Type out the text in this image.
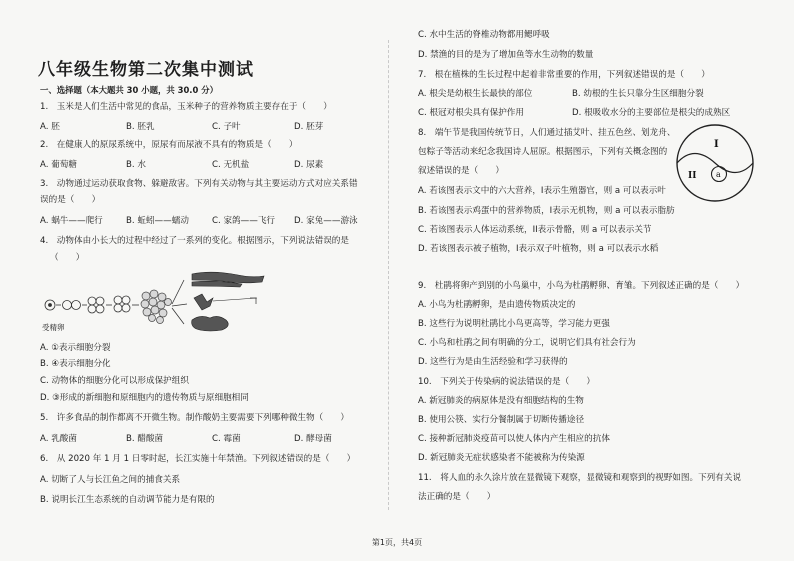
八年级生物第二次集中测试
一、选择题（本大题共 30 小题，共 30.0 分）
1.　玉米是人们生活中常见的食品，玉米种子的营养物质主要存在于（　　）
A. 胚	B. 胚乳	C. 子叶	D. 胚芽
2.　在健康人的原尿系统中，原尿有而尿液不具有的物质是（　　）
A. 葡萄糖	B. 水	C. 无机盐	D. 尿素
3.　动物通过运动获取食物、躲避敌害。下列有关动物与其主要运动方式对应关系错
误的是（　　）
A. 蜗牛——爬行	B. 蚯蚓——蠕动	C. 家鸽——飞行 D. 家兔——游泳
4.　动物体由小长大的过程中经过了一系列的变化。根据图示，下列说法错误的是
（　　）
受精卵
A. ①表示细胞分裂
B. ④表示细胞分化
C. 动物体的细胞分化可以形成保护组织
D. ③形成的新细胞和原细胞内的遗传物质与原细胞相同
5.　许多食品的制作都离不开微生物。制作酸奶主要需要下列哪种微生物（　　）
A. 乳酸菌	B. 醋酸菌	C. 霉菌	D. 酵母菌
6.　从 2020 年 1 月 1 日零时起，长江实施十年禁渔。下列叙述错误的是（　　）
A. 切断了人与长江鱼之间的捕食关系
B. 说明长江生态系统的自动调节能力是有限的
C. 水中生活的脊椎动物都用鳃呼吸
D. 禁渔的目的是为了增加鱼等水生动物的数量
7.　根在植株的生长过程中起着非常重要的作用，下列叙述错误的是（　　）
A. 根尖是幼根生长最快的部位	B. 幼根的生长只靠分生区细胞分裂
C. 根冠对根尖具有保护作用	D. 根吸收水分的主要部位是根尖的成熟区
8.　端午节是我国传统节日，人们通过插艾叶、挂五色丝、划龙舟、
包粽子等活动来纪念我国诗人屈原。根据图示，下列有关概念图的
叙述错误的是（　　）
I
II a
A. 若该图表示文中的六大营养，I表示生殖器官，则 a 可以表示叶
B. 若该图表示鸡蛋中的营养物质，I表示无机物，则 a 可以表示脂肪
C. 若该图表示人体运动系统，II表示骨骼，则 a 可以表示关节
D. 若该图表示被子植物，I表示双子叶植物，则 a 可以表示水稻
9.　杜鹃将卵产到别的小鸟巢中，小鸟为杜鹃孵卵、育雏。下列叙述正确的是（　　）
A. 小鸟为杜鹃孵卵，是由遗传物质决定的
B. 这些行为说明杜鹃比小鸟更高等，学习能力更强
C. 小鸟和杜鹃之间有明确的分工，说明它们具有社会行为
D. 这些行为是由生活经验和学习获得的
10.　下列关于传染病的说法错误的是（　　）
A. 新冠肺炎的病原体是没有细胞结构的生物
B. 使用公筷、实行分餐制属于切断传播途径
C. 接种新冠肺炎疫苗可以使人体内产生相应的抗体
D. 新冠肺炎无症状感染者不能被称为传染源
11.　将人血的永久涂片放在显微镜下观察，显微镜和观察到的视野如图。下列有关说
法正确的是（　　）
第1页，共4页
